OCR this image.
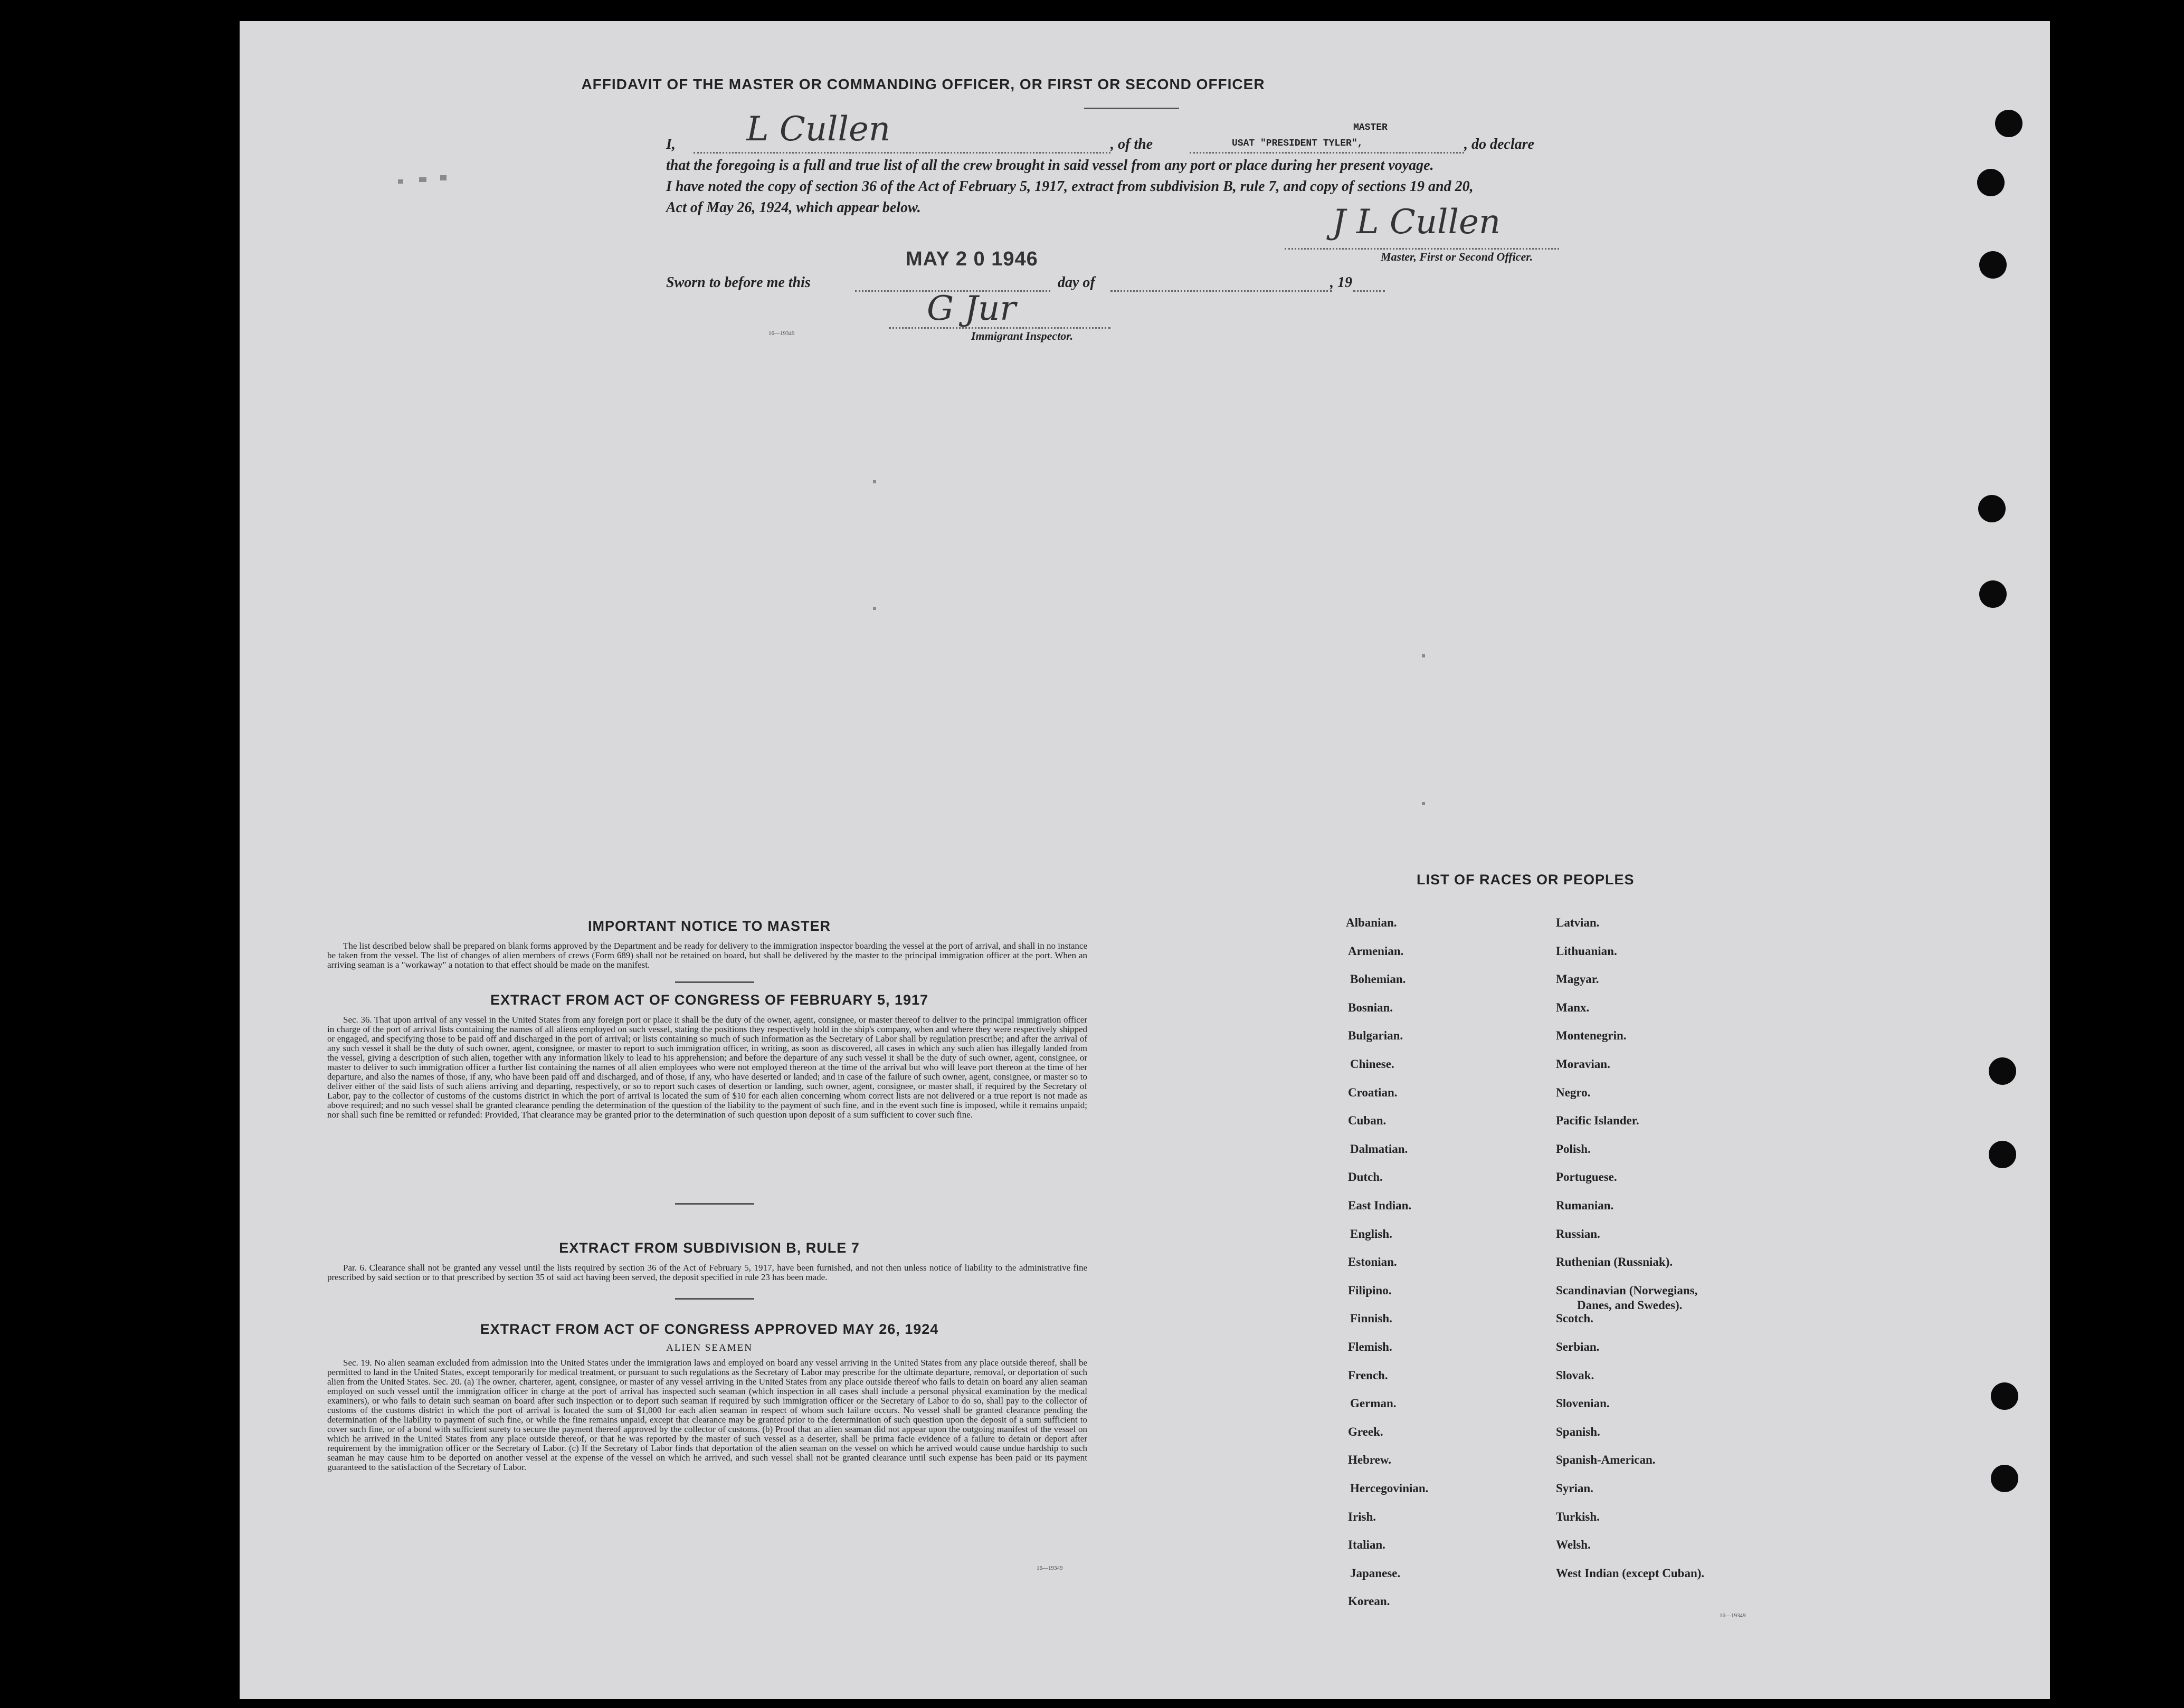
AFFIDAVIT OF THE MASTER OR COMMANDING OFFICER, OR FIRST OR SECOND OFFICER
I, L Cullen	, of the
MASTER
USAT "PRESIDENT TYLER",	, do declare
that the foregoing is a full and true list of all the crew brought in said vessel from any port or place during her present voyage.
I have noted the copy of section 36 of the Act of February 5, 1917, extract from subdivision B, rule 7, and copy of sections 19 and 20,
Act of May 26, 1924, which appear below.	J L Cullen
Master, First or Second Officer.
Sworn to before me this
MAY 2 0 1946
day of	, 19
G Jur
Immigrant Inspector.
16—19349
IMPORTANT NOTICE TO MASTER
The list described below shall be prepared on blank forms approved by the Department and be ready for delivery to the immigration inspector boarding the vessel at the port of arrival, and shall in no instance be taken from the vessel. The list of changes of alien members of crews (Form 689) shall not be retained on board, but shall be delivered by the master to the principal immigration officer at the port. When an arriving seaman is a "workaway" a notation to that effect should be made on the manifest.
EXTRACT FROM ACT OF CONGRESS OF FEBRUARY 5, 1917
Sec. 36. That upon arrival of any vessel in the United States from any foreign port or place it shall be the duty of the owner, agent, consignee, or master thereof to deliver to the principal immigration officer in charge of the port of arrival lists containing the names of all aliens employed on such vessel, stating the positions they respectively hold in the ship's company, when and where they were respectively shipped or engaged, and specifying those to be paid off and discharged in the port of arrival; or lists containing so much of such information as the Secretary of Labor shall by regulation prescribe; and after the arrival of any such vessel it shall be the duty of such owner, agent, consignee, or master to report to such immigration officer, in writing, as soon as discovered, all cases in which any such alien has illegally landed from the vessel, giving a description of such alien, together with any information likely to lead to his apprehension; and before the departure of any such vessel it shall be the duty of such owner, agent, consignee, or master to deliver to such immigration officer a further list containing the names of all alien employees who were not employed thereon at the time of the arrival but who will leave port thereon at the time of her departure, and also the names of those, if any, who have been paid off and discharged, and of those, if any, who have deserted or landed; and in case of the failure of such owner, agent, consignee, or master so to deliver either of the said lists of such aliens arriving and departing, respectively, or so to report such cases of desertion or landing, such owner, agent, consignee, or master shall, if required by the Secretary of Labor, pay to the collector of customs of the customs district in which the port of arrival is located the sum of $10 for each alien concerning whom correct lists are not delivered or a true report is not made as above required; and no such vessel shall be granted clearance pending the determination of the question of the liability to the payment of such fine, and in the event such fine is imposed, while it remains unpaid; nor shall such fine be remitted or refunded: Provided, That clearance may be granted prior to the determination of such question upon deposit of a sum sufficient to cover such fine.
EXTRACT FROM SUBDIVISION B, RULE 7
Par. 6. Clearance shall not be granted any vessel until the lists required by section 36 of the Act of February 5, 1917, have been furnished, and not then unless notice of liability to the administrative fine prescribed by said section or to that prescribed by section 35 of said act having been served, the deposit specified in rule 23 has been made.
EXTRACT FROM ACT OF CONGRESS APPROVED MAY 26, 1924
ALIEN SEAMEN
Sec. 19. No alien seaman excluded from admission into the United States under the immigration laws and employed on board any vessel arriving in the United States from any place outside thereof, shall be permitted to land in the United States, except temporarily for medical treatment, or pursuant to such regulations as the Secretary of Labor may prescribe for the ultimate departure, removal, or deportation of such alien from the United States. Sec. 20. (a) The owner, charterer, agent, consignee, or master of any vessel arriving in the United States from any place outside thereof who fails to detain on board any alien seaman employed on such vessel until the immigration officer in charge at the port of arrival has inspected such seaman (which inspection in all cases shall include a personal physical examination by the medical examiners), or who fails to detain such seaman on board after such inspection or to deport such seaman if required by such immigration officer or the Secretary of Labor to do so, shall pay to the collector of customs of the customs district in which the port of arrival is located the sum of $1,000 for each alien seaman in respect of whom such failure occurs. No vessel shall be granted clearance pending the determination of the liability to payment of such fine, or while the fine remains unpaid, except that clearance may be granted prior to the determination of such question upon the deposit of a sum sufficient to cover such fine, or of a bond with sufficient surety to secure the payment thereof approved by the collector of customs. (b) Proof that an alien seaman did not appear upon the outgoing manifest of the vessel on which he arrived in the United States from any place outside thereof, or that he was reported by the master of such vessel as a deserter, shall be prima facie evidence of a failure to detain or deport after requirement by the immigration officer or the Secretary of Labor. (c) If the Secretary of Labor finds that deportation of the alien seaman on the vessel on which he arrived would cause undue hardship to such seaman he may cause him to be deported on another vessel at the expense of the vessel on which he arrived, and such vessel shall not be granted clearance until such expense has been paid or its payment guaranteed to the satisfaction of the Secretary of Labor.
16—19349
LIST OF RACES OR PEOPLES
16—19349
Albanian.
Armenian.
Bohemian.
Bosnian.
Bulgarian.
Chinese.
Croatian.
Cuban.
Dalmatian.
Dutch.
East Indian.
English.
Estonian.
Filipino.
Finnish.
Flemish.
French.
German.
Greek.
Hebrew.
Hercegovinian.
Irish.
Italian.
Japanese.
Korean.
Latvian.
Lithuanian.
Magyar.
Manx.
Montenegrin.
Moravian.
Negro.
Pacific Islander.
Polish.
Portuguese.
Rumanian.
Russian.
Ruthenian (Russniak).
Scandinavian (Norwegians,
Danes, and Swedes).
Scotch.
Serbian.
Slovak.
Slovenian.
Spanish.
Spanish-American.
Syrian.
Turkish.
Welsh.
West Indian (except Cuban).
